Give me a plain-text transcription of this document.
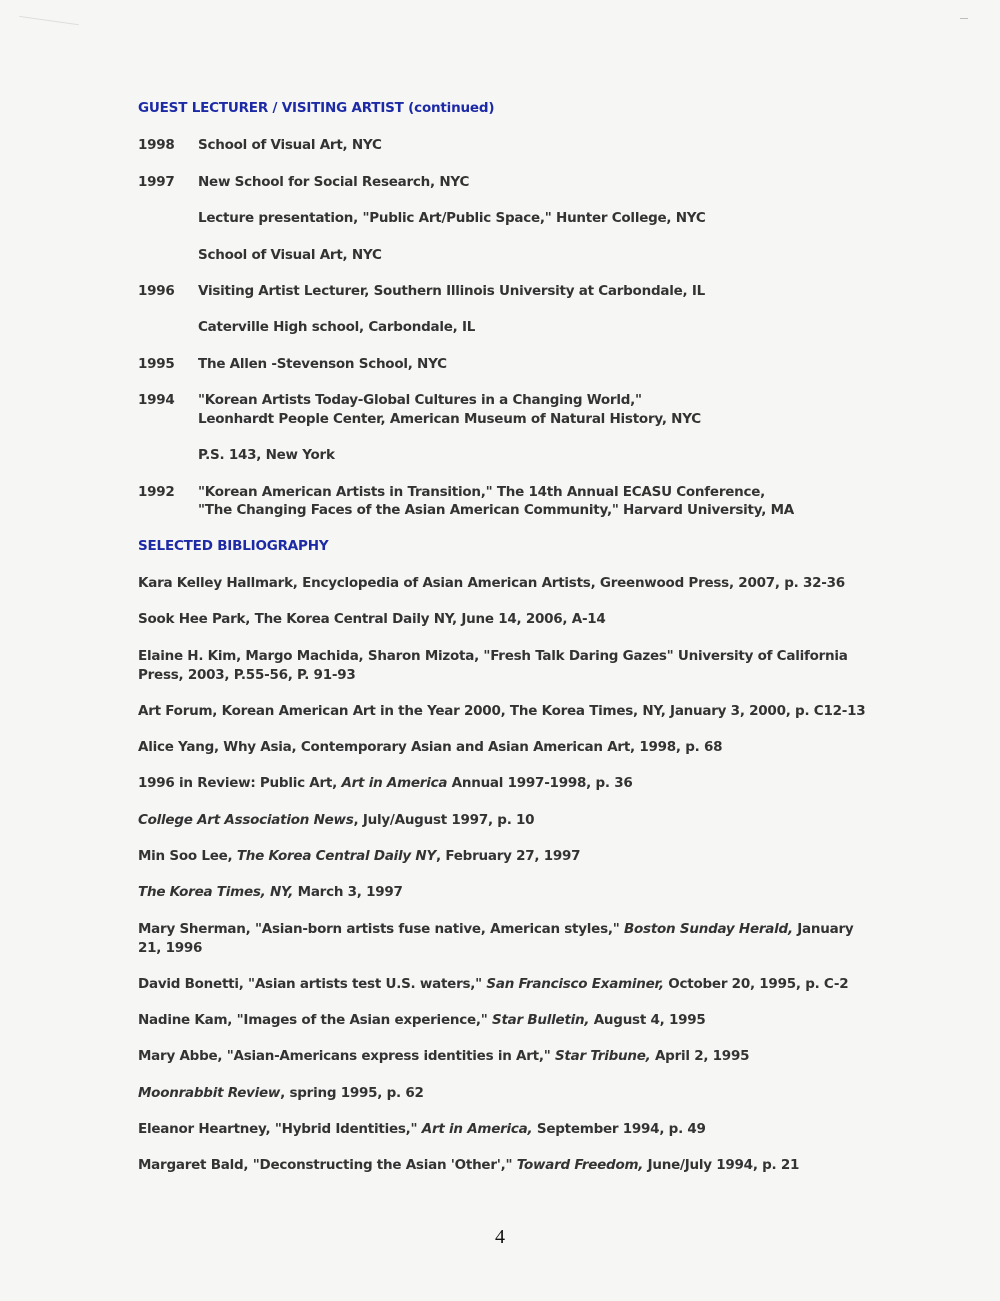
GUEST LECTURER / VISITING ARTIST (continued)
1998	School of Visual Art, NYC
1997	New School for Social Research, NYC
Lecture presentation, "Public Art/Public Space," Hunter College, NYC
School of Visual Art, NYC
1996	Visiting Artist Lecturer, Southern Illinois University at Carbondale, IL
Caterville High school, Carbondale, IL
1995	The Allen -Stevenson School, NYC
1994	"Korean Artists Today-Global Cultures in a Changing World,"
Leonhardt People Center, American Museum of Natural History, NYC
P.S. 143, New York
1992	"Korean American Artists in Transition," The 14th Annual ECASU Conference,
"The Changing Faces of the Asian American Community," Harvard University, MA
SELECTED BIBLIOGRAPHY
Kara Kelley Hallmark, Encyclopedia of Asian American Artists, Greenwood Press, 2007, p. 32-36
Sook Hee Park, The Korea Central Daily NY, June 14, 2006, A-14
Elaine H. Kim, Margo Machida, Sharon Mizota, "Fresh Talk Daring Gazes" University of California Press, 2003, P.55-56, P. 91-93
Art Forum, Korean American Art in the Year 2000, The Korea Times, NY, January 3, 2000, p. C12-13
Alice Yang, Why Asia, Contemporary Asian and Asian American Art, 1998, p. 68
1996 in Review: Public Art, Art in America Annual 1997-1998, p. 36
College Art Association News, July/August 1997, p. 10
Min Soo Lee, The Korea Central Daily NY, February 27, 1997
The Korea Times, NY, March 3, 1997
Mary Sherman, "Asian-born artists fuse native, American styles," Boston Sunday Herald, January 21, 1996
David Bonetti, "Asian artists test U.S. waters," San Francisco Examiner, October 20, 1995, p. C-2
Nadine Kam, "Images of the Asian experience," Star Bulletin, August 4, 1995
Mary Abbe, "Asian-Americans express identities in Art," Star Tribune, April 2, 1995
Moonrabbit Review, spring 1995, p. 62
Eleanor Heartney, "Hybrid Identities," Art in America, September 1994, p. 49
Margaret Bald, "Deconstructing the Asian 'Other'," Toward Freedom, June/July 1994, p. 21
4
